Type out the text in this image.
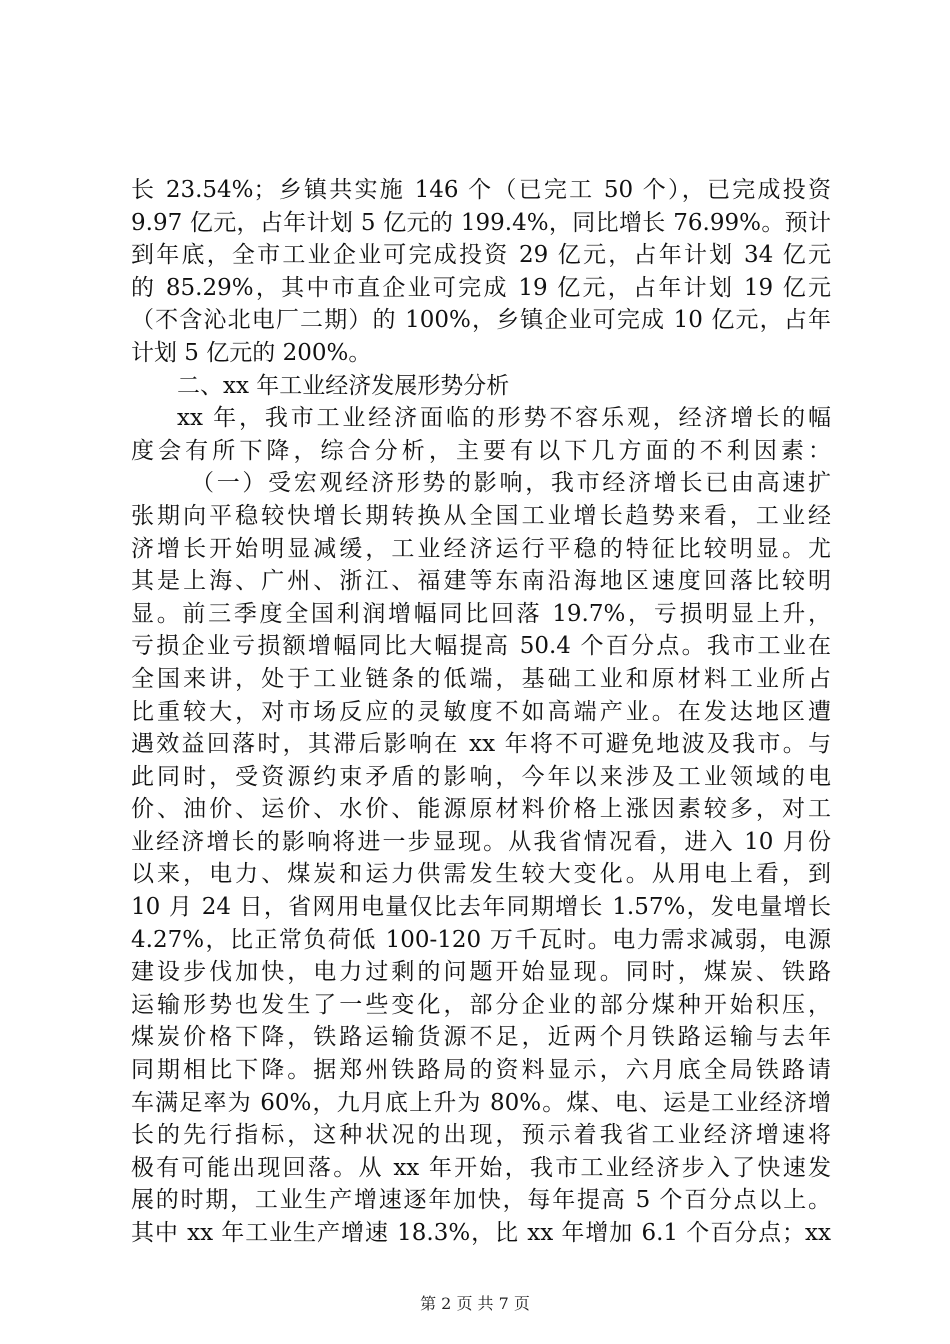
长 23.54%；乡镇共实施 146 个（已完工 50 个），已完成投资
9.97 亿元，占年计划 5 亿元的 199.4%，同比增长 76.99%。预计
到年底，全市工业企业可完成投资 29 亿元，占年计划 34 亿元
的 85.29%，其中市直企业可完成 19 亿元，占年计划 19 亿元
（不含沁北电厂二期）的 100%，乡镇企业可完成 10 亿元，占年
计划 5 亿元的 200%。
二、xx 年工业经济发展形势分析
xx 年，我市工业经济面临的形势不容乐观，经济增长的幅
度会有所下降，综合分析，主要有以下几方面的不利因素：
（一）受宏观经济形势的影响，我市经济增长已由高速扩
张期向平稳较快增长期转换从全国工业增长趋势来看，工业经
济增长开始明显减缓，工业经济运行平稳的特征比较明显。尤
其是上海、广州、浙江、福建等东南沿海地区速度回落比较明
显。前三季度全国利润增幅同比回落 19.7%，亏损明显上升，
亏损企业亏损额增幅同比大幅提高 50.4 个百分点。我市工业在
全国来讲，处于工业链条的低端，基础工业和原材料工业所占
比重较大，对市场反应的灵敏度不如高端产业。在发达地区遭
遇效益回落时，其滞后影响在 xx 年将不可避免地波及我市。与
此同时，受资源约束矛盾的影响，今年以来涉及工业领域的电
价、油价、运价、水价、能源原材料价格上涨因素较多，对工
业经济增长的影响将进一步显现。从我省情况看，进入 10 月份
以来，电力、煤炭和运力供需发生较大变化。从用电上看，到
10 月 24 日，省网用电量仅比去年同期增长 1.57%，发电量增长
4.27%，比正常负荷低 100-120 万千瓦时。电力需求减弱，电源
建设步伐加快，电力过剩的问题开始显现。同时，煤炭、铁路
运输形势也发生了一些变化，部分企业的部分煤种开始积压，
煤炭价格下降，铁路运输货源不足，近两个月铁路运输与去年
同期相比下降。据郑州铁路局的资料显示，六月底全局铁路请
车满足率为 60%，九月底上升为 80%。煤、电、运是工业经济增
长的先行指标，这种状况的出现，预示着我省工业经济增速将
极有可能出现回落。从 xx 年开始，我市工业经济步入了快速发
展的时期，工业生产增速逐年加快，每年提高 5 个百分点以上。
其中 xx 年工业生产增速 18.3%，比 xx 年增加 6.1 个百分点；xx
第 2 页 共 7 页
